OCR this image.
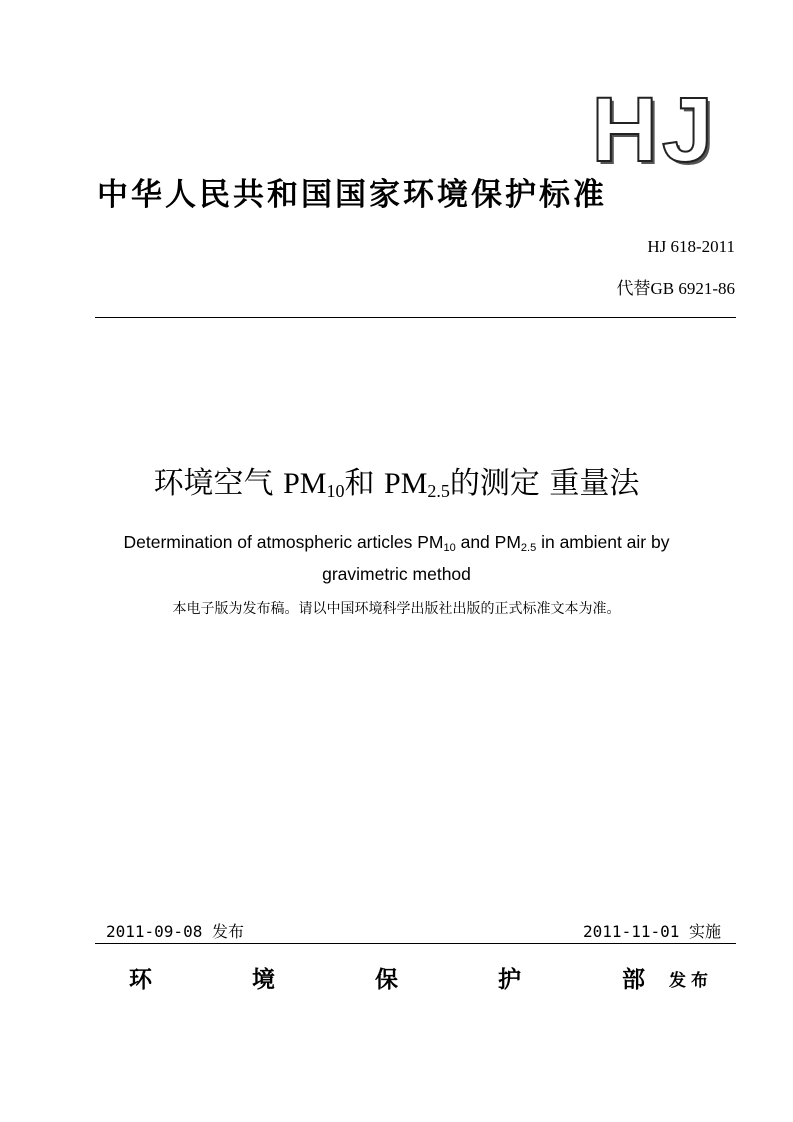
HJ
中华人民共和国国家环境保护标准
HJ 618-2011
代替GB 6921-86
环境空气 $PM_{10}$和 $PM_{2.5}$的测定 重量法
Determination of atmospheric articles $PM_{10}$ and $PM_{2.5}$ in ambient air by gravimetric method
本电子版为发布稿。请以中国环境科学出版社出版的正式标准文本为准。
2011-09-08 发布	2011-11-01 实施
环	境	保	护	部 发布
